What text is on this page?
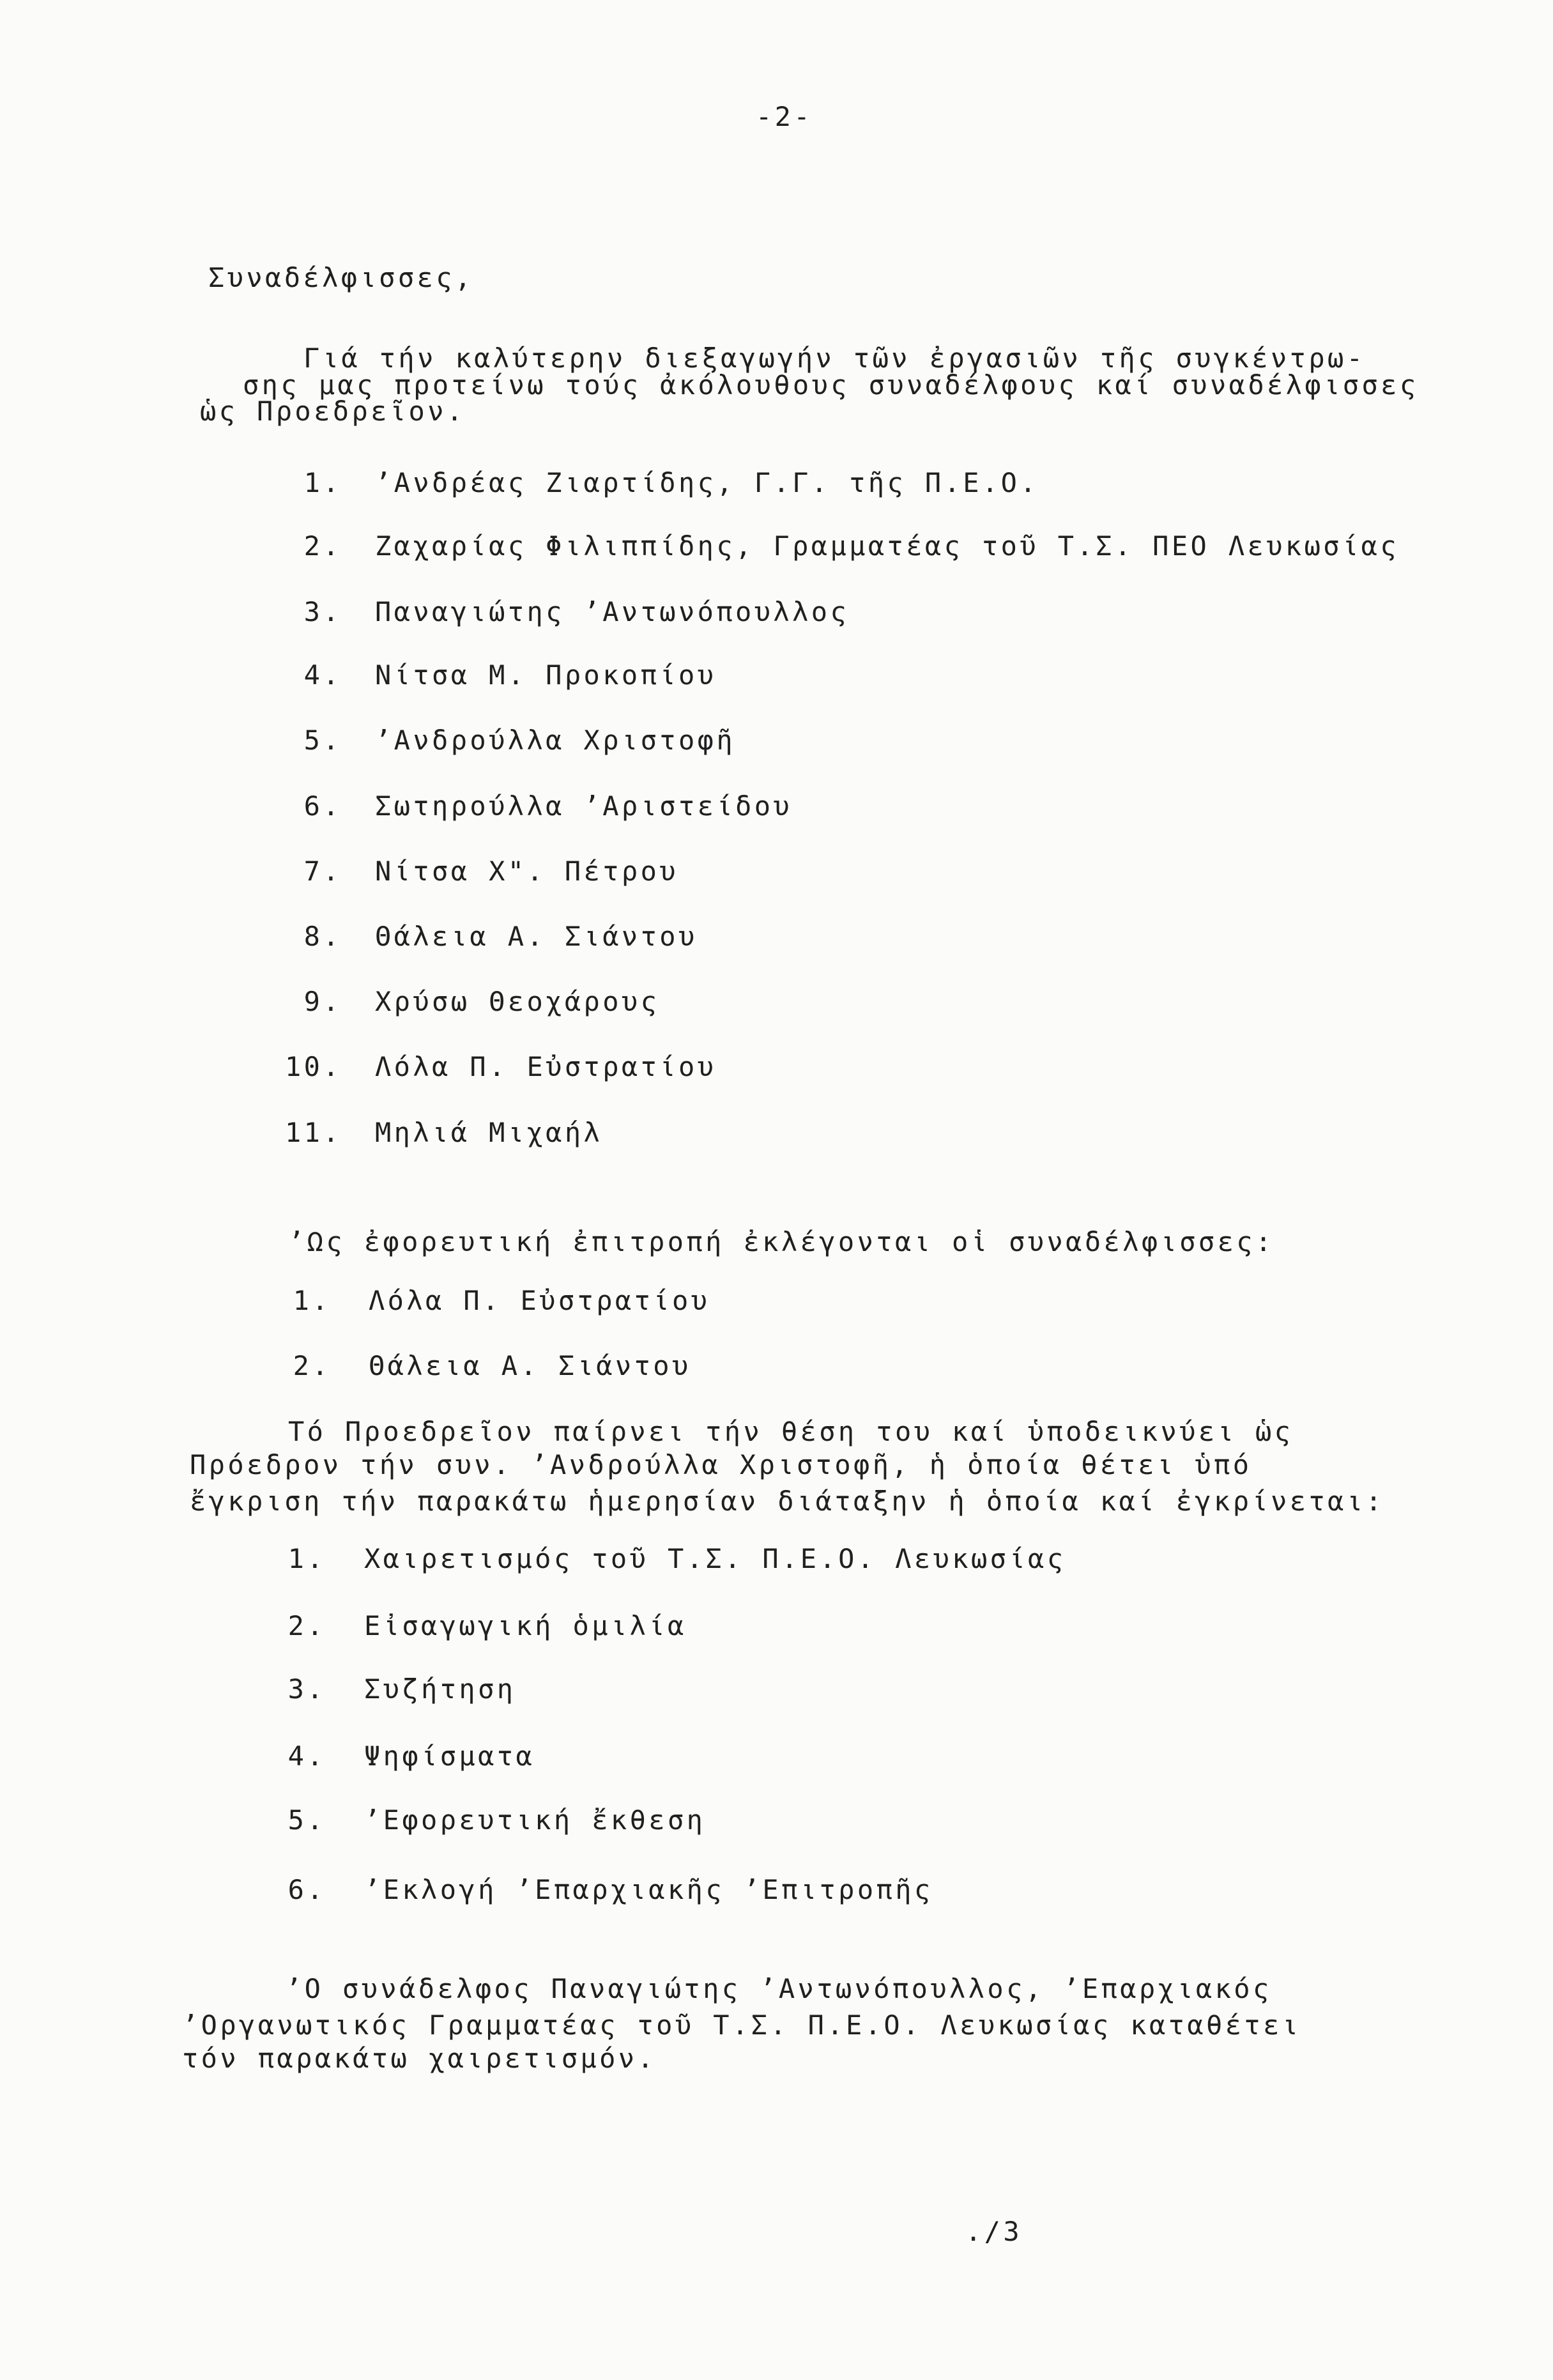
-2-
Συναδέλφισσες,
Γιά τήν καλύτερην διεξαγωγήν τῶν ἐργασιῶν τῆς συγκέντρω-
σης μας προτείνω τούς ἀκόλουθους συναδέλφους καί συναδέλφισσες
ὡς Προεδρεῖον.

1.

’Ανδρέας Ζιαρτίδης, Γ.Γ. τῆς Π.Ε.Ο.

2.

Ζαχαρίας Φιλιππίδης, Γραμματέας τοῦ Τ.Σ. ΠΕΟ Λευκωσίας

3.

Παναγιώτης ’Αντωνόπουλλος

4.

Νίτσα Μ. Προκοπίου

5.

’Ανδρούλλα Χριστοφῆ

6.

Σωτηρούλλα ’Αριστείδου

7.

Νίτσα Χ". Πέτρου

8.

Θάλεια Α. Σιάντου

9.

Χρύσω Θεοχάρους

10.

Λόλα Π. Εὐστρατίου

11.

Μηλιά Μιχαήλ

’Ως ἐφορευτική ἐπιτροπή ἐκλέγονται οἱ συναδέλφισσες:

1.

Λόλα Π. Εὐστρατίου

2.

Θάλεια Α. Σιάντου

Τό Προεδρεῖον παίρνει τήν θέση του καί ὑποδεικνύει ὡς
Πρόεδρον τήν συν. ’Ανδρούλλα Χριστοφῆ, ἡ ὁποία θέτει ὑπό
ἔγκριση τήν παρακάτω ἡμερησίαν διάταξην ἡ ὁποία καί ἐγκρίνεται:

1.

Χαιρετισμός τοῦ Τ.Σ. Π.Ε.Ο. Λευκωσίας

2.

Εἰσαγωγική ὁμιλία

3.

Συζήτηση

4.

Ψηφίσματα

5.

’Εφορευτική ἔκθεση

6.

’Εκλογή ’Επαρχιακῆς ’Επιτροπῆς

’Ο συνάδελφος Παναγιώτης ’Αντωνόπουλλος, ’Επαρχιακός
’Οργανωτικός Γραμματέας τοῦ Τ.Σ. Π.Ε.Ο. Λευκωσίας καταθέτει
τόν παρακάτω χαιρετισμόν.
./3
